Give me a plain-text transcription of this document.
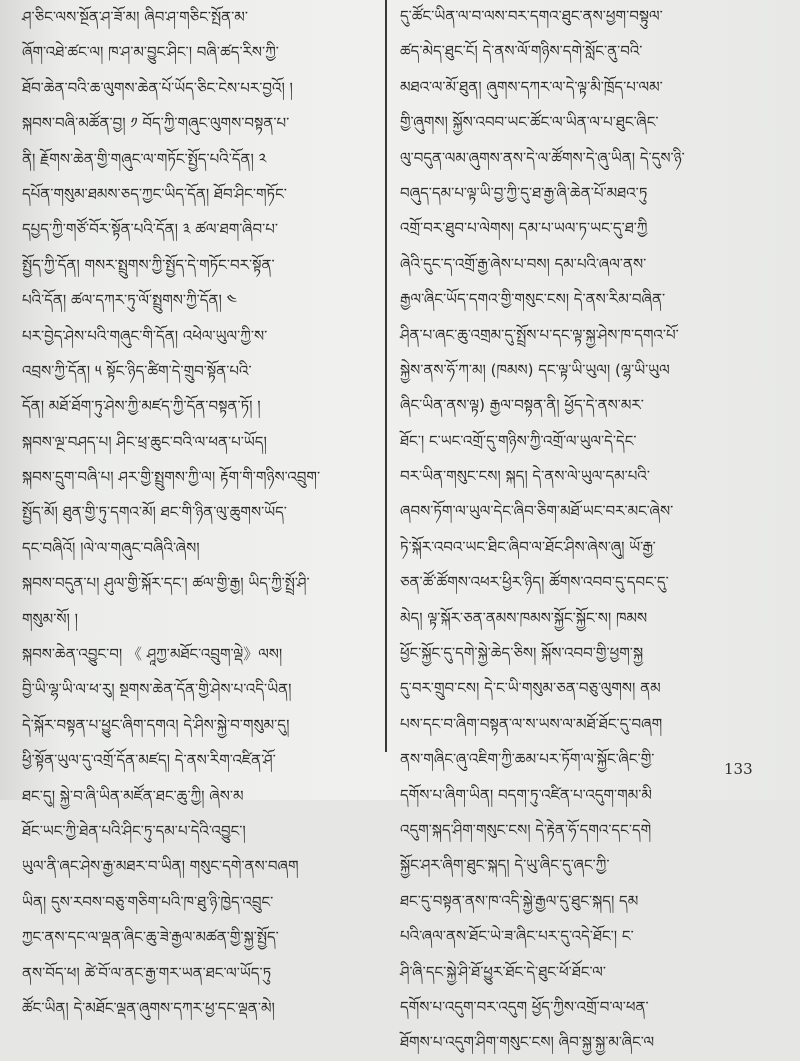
ཤ་ཅིང་ལས་སྔོན་ཤ་ཟོ་མ། ཞིབ་ཤ་གཅིང་སྤོན་མ་
ཞོག་འཐེ་ཚང་ལ། ཁ་ཤ་མ་བྱུང་ཤིང་། བཞི་ཚད་རིས་ཀྱི་
ཐོབ་ཆེན་བའི་ཆ་ལུགས་ཆེན་པོ་ཡོད་ཅིང་ངེས་པར་བྱའོ། །
སྐབས་བཞི་མཚོན་བྱ། ༡ བོད་ཀྱི་གཞུང་ལུགས་བསྟན་པ་
ནི། རྗོགས་ཆེན་གྱི་གཞུང་ལ་གཏོང་སྤྱོད་པའི་དོན། ༢
དཔོན་གསུམ་ཐམས་ཅད་ཀྱང་ཡིད་དོན། ཐོབ་ཤིང་གཏོང་
དཔྱད་ཀྱི་གཙོ་བོར་སྟོན་པའི་དོན། ༣ ཚལ་ཐག་ཞིབ་པ་
སྤྱོད་ཀྱི་དོན། གསར་སྤྲུགས་ཀྱི་སྤྱོད་དེ་གཏོང་བར་སྟོན་
པའི་དོན། ཚལ་དཀར་ཏུ་ལོ་སྤྲུགས་ཀྱི་དོན། ༤
པར་བྱེད་ཤེས་པའི་གཞུང་གི་དོན། འཕེལ་ཡུལ་ཀྱི་ས་
འབྲས་ཀྱི་དོན། ༥ སྟོང་ཉིད་ཚིག་དེ་གྲུབ་སྟོན་པའི་
དོན། མཐོ་ཐོག་ཏུ་ཤེས་ཀྱི་མཛད་ཀྱི་དོན་བསྟན་ཏོ། །
སྐབས་ལྔ་བཤད་པ། ཤིང་ཕྲ་ཆུང་བའི་ལ་ཕན་པ་ཡོད།
སྐབས་དྲུག་བཞི་པ། ཤར་གྱི་སྤྲུགས་ཀྱི་ལ། རྟོག་གི་གཉིས་འབྲུག་
སྤྱོད་མོ། ཐུན་གྱི་ཏུ་དགའ་མོ། ཐང་གི་ཉིན་ལུ་ཆུགས་ཡོད་
དང་བཞིའོ། །ལེ་ལ་གཞུང་བཞིའི་ཞེས།
སྐབས་བདུན་པ། ཤུལ་གྱི་སྐོར་དང་། ཚལ་གྱི་རྒྱ། ཡིད་ཀྱི་སྤྲོ་ཤི་
གསུམ་སོ། །
སྐབས་ཆེན་འབྱུང་བ། 《 ཤཱཀྱ་མཐོང་འབྲུག་ལྡེ》ལས།
བྱི་ཡི་ལྷ་ཡི་ལ་ཕ་རུ། སྔགས་ཆེན་དོན་གྱི་ཤེས་པ་འདི་ཡིན།
དེ་སྐོར་བསྟན་པ་ཕྱུང་ཞིག་དགའ། དེ་ཤིས་སྐྱེ་བ་གསུམ་དུ།
ཕྱི་སྟོན་ཡུལ་དུ་འགྲོ་དོན་མཛད། དེ་ནས་རིག་འཛིན་ཤོ་
ཐང་དུ། སྐྱེ་བ་ཞི་ཡིན་མཛོན་ཐང་ཆུ་ཀྱི། ཞེས་མ
ཐོང་ཡང་ཀྱི་ཐེན་པའི་ཤིང་ཏུ་དམ་པ་དེའི་འབྱུང་།
ཡུལ་ནི་ཞང་ཤེས་རྒྱ་མཐར་བ་ཡིན། གསུང་དགེ་ནས་བཞག
ཡིན། དུས་རབས་བཅུ་གཅིག་པའི་ཁ་ཐུ་ཉི་ཁྱེད་འབྲུང་
ཀྱང་ནས་དང་ལ་ལྡན་ཞིང་ཆུ་ཟེ་རྒྱལ་མཚན་གྱི་སྐྱ་སྤྱོད་
ནས་བོད་ཕ། ཚེ་བོ་ལ་ནང་རྒྱ་གར་ཡན་ཐང་ལ་ཡོད་ཏུ
ཚོང་ཡིན། དེ་མཐོང་ལྡན་ཞུགས་དཀར་ཕྱ་དང་ལྡན་མེ།
དུ་ཚོང་ཡིན་ལ་བ་ལས་བར་དགའ་ཐུང་ནས་ཕྱག་བསྟུལ་
ཚད་མེད་ཐུང་ངོ། དེ་ནས་ལོ་གཉིས་དགེ་སློང་ནུ་བའི་
མཐའ་ལ་མོ་ཐུན། ཞུགས་དཀར་ལ་དེ་ལྟ་མི་ཁྲོད་པ་ལམ་
གྱི་ཞུགས། སྐྱོས་འབབ་ཡང་ཚོང་ལ་ཡིན་ལ་པ་ཐུང་ཞིང་
ལུ་བདུན་ལམ་ཞུགས་ནས་དེ་ལ་ཚོགས་དེ་ཞུ་ཡིན། དེ་དུས་ཉི་
བཞུད་དམ་པ་ལྟ་ཡི་བྱ་ཀྱི་དུ་ཐ་རྒྱ་ཞི་ཆེན་པོ་མཐའ་ཏུ
འགྲོ་བར་ཐུབ་པ་ལེགས། དམ་པ་ཡལ་ཏ་ཡང་དུ་ཐ་ཀྱི
ཞེའི་དུང་ད་འགྲོ་རྒྱ་ཞེས་པ་བས། དམ་པའི་ཞལ་ནས་
རྒྱལ་ཞིང་ཡོད་དགའ་གྱི་གསུང་ངས། དེ་ནས་རིམ་བཞིན་
ཤིན་པ་ཞང་ཆུ་འགྲམ་དུ་སྤྲོས་པ་དང་ལྟ་སྐྱ་ཤེས་ཁ་དགའ་པོ་
སྐྱེས་ནས་ཧོ་ཀ་མ། (ཁམས) དང་ལྟ་ཡི་ཡུལ། (ལྷ་ཡི་ཡུལ
ཞིང་ཡིན་ནས་ལྟ) རྒྱལ་བསྟན་ནི། ཕྱོད་དེ་ནས་མར་
ཐོང་། ང་ཡང་འགྲོ་དུ་གཉིས་ཀྱི་འགྲོ་ལ་ཡུལ་དེ་དེང་
བར་ཡིན་གསུང་ངས། སྐད། དེ་ནས་ལེ་ཡུལ་དམ་པའི་
ཞབས་ཏོག་ལ་ཡུལ་དེང་ཞིབ་ཅིག་མཐོ་ཡང་བར་མང་ཞེས་
ཏེ་སྐོར་འབའ་ཡང་ཐིང་ཞིབ་ལ་ཐོང་ཤིས་ཞེས་ཞུ། ཡོ་རྒྱ་
ཅན་ཚོ་ཚོགས་འཕར་ཕྱིར་ཉིད། ཚོགས་འབབ་དུ་དབང་དུ་
མེད། ལྟ་སྐོར་ཅན་ནམས་ཁམས་སྐྱོང་སྐྱོང་ས། ཁམས
ཕྱོང་སྐྱོང་དུ་དགེ་སྐྱེ་ཆེད་ཅིས། སྐོས་འབབ་གྱི་ཕྱག་སྐྱ
དུ་བར་གྲུབ་ངས། དེ་ང་ཡི་གསུམ་ཅན་བཅུ་ལུགས། ནམ
པས་དང་བ་ཞིག་བསྟན་ལ་ས་ཡས་ལ་མཐོ་ཐོང་དུ་བཞག
ནས་གཞིང་ཞུ་འཇིག་ཀྱི་ཆམ་པར་ཏོག་ལ་སྐྱོང་ཞིང་གྱི་
དགོས་པ་ཞིག་ཡིན། བདག་ཏུ་འཛིན་པ་འདུག་གམ་མི
འདུག་སྐད་ཤིག་གསུང་ངས། དེ་རྟེན་ཧོ་དགའ་དང་དགེ
སྐྱོང་ཤར་ཞིག་ཐུང་སྐད། དེ་ཡུ་ཞིང་དུ་ཞང་ཀྱི་
ཐང་དུ་བསྟན་ནས་ཁ་འདི་སྐྱེ་རྒྱལ་དུ་ཐུང་སྐད། དམ
པའི་ཞལ་ནས་ཐོང་ཡེ་ཟ་ཞིང་པར་དུ་འདེ་ཐོང་། ང་
ཤི་ཞི་དང་སྐྱེ་ཤི་ཐོ་ཕྱུར་ཐོང་དེ་ཐུང་ཕོ་ཐོང་ལ་
དགོས་པ་འདུག་བར་འདུག ཕྱོད་ཀྱིས་འགྲོ་བ་ལ་ཕན་
ཐོགས་པ་འདུག་ཤིག་གསུང་ངས། ཞིབ་སྐྱ་སྐྱ་མ་ཞིང་ལ
133
